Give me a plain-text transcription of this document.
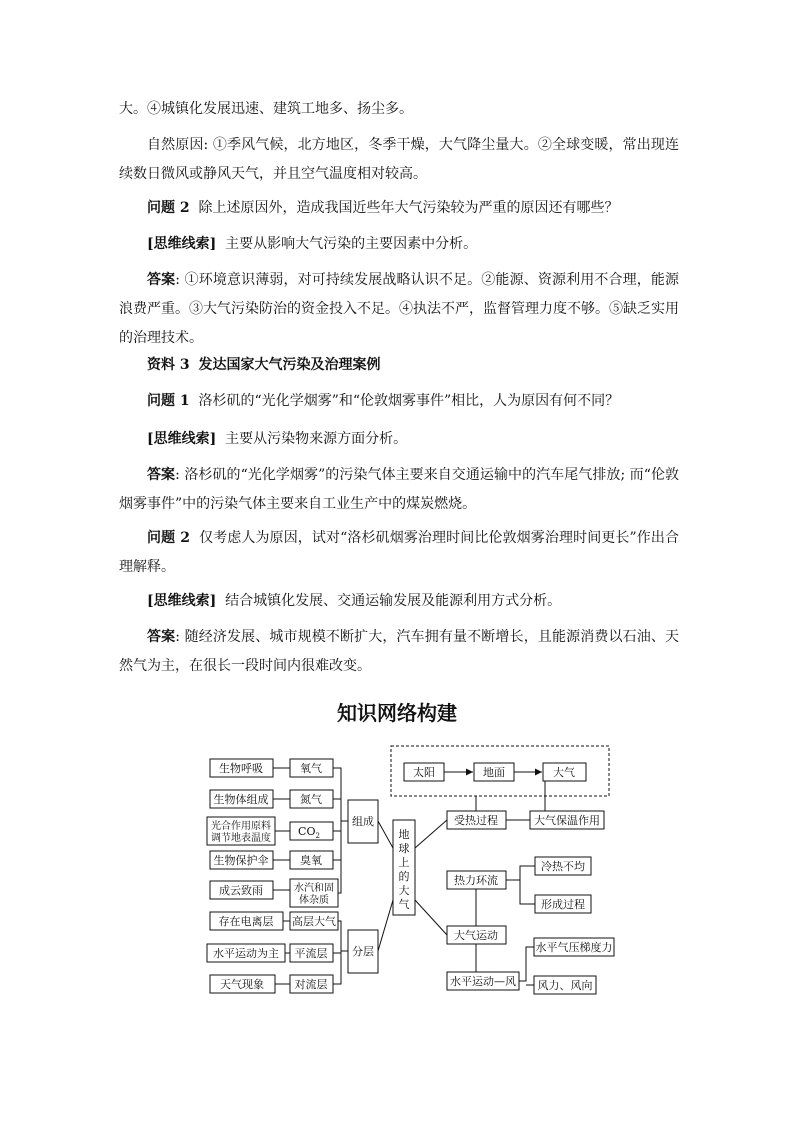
大。④城镇化发展迅速、建筑工地多、扬尘多。

自然原因: ①季风气候，北方地区，冬季干燥，大气降尘量大。②全球变暖，常出现连续数日微风或静风天气，并且空气温度相对较高。

问题 2 除上述原因外，造成我国近些年大气污染较为严重的原因还有哪些？

[思维线索] 主要从影响大气污染的主要因素中分析。

答案: ①环境意识薄弱，对可持续发展战略认识不足。②能源、资源利用不合理，能源浪费严重。③大气污染防治的资金投入不足。④执法不严，监督管理力度不够。⑤缺乏实用的治理技术。

资料 3 发达国家大气污染及治理案例

问题 1 洛杉矶的“光化学烟雾”和“伦敦烟雾事件”相比，人为原因有何不同？

[思维线索] 主要从污染物来源方面分析。

答案: 洛杉矶的“光化学烟雾”的污染气体主要来自交通运输中的汽车尾气排放; 而“伦敦烟雾事件”中的污染气体主要来自工业生产中的煤炭燃烧。

问题 2 仅考虑人为原因，试对“洛杉矶烟雾治理时间比伦敦烟雾治理时间更长”作出合理解释。

[思维线索] 结合城镇化发展、交通运输发展及能源利用方式分析。

答案: 随经济发展、城市规模不断扩大，汽车拥有量不断增长，且能源消费以石油、天然气为主，在很长一段时间内很难改变。

知识网络构建
生物呼吸
生物体组成
光合作用原料
调节地表温度
生物保护伞
成云致雨
存在电离层
水平运动为主
天气现象
氧气
氮气
$CO_2$
臭氧
水汽和固
体杂质
高层大气
平流层
对流层
组成
分层
地
球
上
的
大
气
太阳	地面	大气
受热过程	大气保温作用
热力环流
冷热不均
形成过程
大气运动
水平运动—风
水平气压梯度力
风力、风向
